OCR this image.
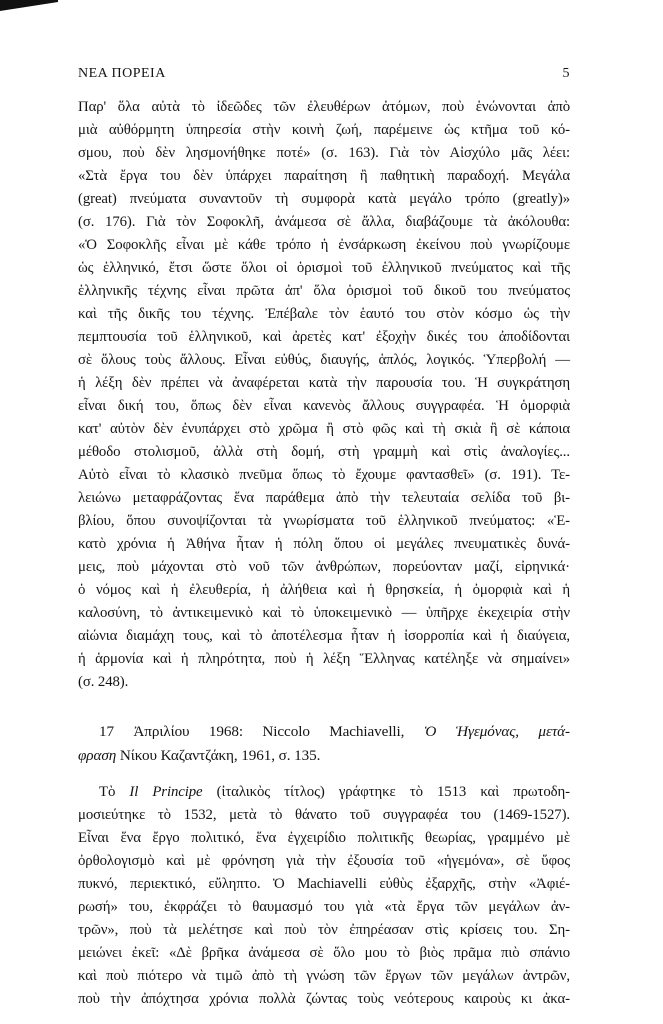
ΝΕΑ ΠΟΡΕΙΑ	5
Παρ' ὅλα αὐτὰ τὸ ἰδεῶδες τῶν ἐλευθέρων ἀτόμων, ποὺ ἑνώνονται ἀπὸ
μιὰ αὐθόρμητη ὑπηρεσία στὴν κοινὴ ζωή, παρέμεινε ὡς κτῆμα τοῦ κό-
σμου, ποὺ δὲν λησμονήθηκε ποτέ» (σ. 163). Γιὰ τὸν Αἰσχύλο μᾶς λέει:
«Στὰ ἔργα του δὲν ὑπάρχει παραίτηση ἢ παθητικὴ παραδοχή. Μεγάλα
(great) πνεύματα συναντοῦν τὴ συμφορὰ κατὰ μεγάλο τρόπο (greatly)»
(σ. 176). Γιὰ τὸν Σοφοκλῆ, ἀνάμεσα σὲ ἄλλα, διαβάζουμε τὰ ἀκόλουθα:
«Ὁ Σοφοκλῆς εἶναι μὲ κάθε τρόπο ἡ ἐνσάρκωση ἐκείνου ποὺ γνωρίζουμε
ὡς ἑλληνικό, ἔτσι ὥστε ὅλοι οἱ ὁρισμοὶ τοῦ ἑλληνικοῦ πνεύματος καὶ τῆς
ἑλληνικῆς τέχνης εἶναι πρῶτα ἀπ' ὅλα ὁρισμοὶ τοῦ δικοῦ του πνεύματος
καὶ τῆς δικῆς του τέχνης. Ἐπέβαλε τὸν ἑαυτό του στὸν κόσμο ὡς τὴν
πεμπτουσία τοῦ ἑλληνικοῦ, καὶ ἀρετὲς κατ' ἐξοχὴν δικές του ἀποδίδονται
σὲ ὅλους τοὺς ἄλλους. Εἶναι εὐθύς, διαυγής, ἁπλός, λογικός. Ὑπερβολή —
ἡ λέξη δὲν πρέπει νὰ ἀναφέρεται κατὰ τὴν παρουσία του. Ἡ συγκράτηση
εἶναι δική του, ὅπως δὲν εἶναι κανενὸς ἄλλους συγγραφέα. Ἡ ὁμορφιὰ
κατ' αὐτὸν δὲν ἐνυπάρχει στὸ χρῶμα ἢ στὸ φῶς καὶ τὴ σκιὰ ἢ σὲ κάποια
μέθοδο στολισμοῦ, ἀλλὰ στὴ δομή, στὴ γραμμὴ καὶ στὶς ἀναλογίες...
Αὐτὸ εἶναι τὸ κλασικὸ πνεῦμα ὅπως τὸ ἔχουμε φαντασθεῖ» (σ. 191). Τε-
λειώνω μεταφράζοντας ἕνα παράθεμα ἀπὸ τὴν τελευταία σελίδα τοῦ βι-
βλίου, ὅπου συνοψίζονται τὰ γνωρίσματα τοῦ ἑλληνικοῦ πνεύματος: «Ἑ-
κατὸ χρόνια ἡ Ἀθήνα ἦταν ἡ πόλη ὅπου οἱ μεγάλες πνευματικὲς δυνά-
μεις, ποὺ μάχονται στὸ νοῦ τῶν ἀνθρώπων, πορεύονταν μαζί, εἰρηνικά·
ὁ νόμος καὶ ἡ ἐλευθερία, ἡ ἀλήθεια καὶ ἡ θρησκεία, ἡ ὀμορφιὰ καὶ ἡ
καλοσύνη, τὸ ἀντικειμενικὸ καὶ τὸ ὑποκειμενικὸ — ὑπῆρχε ἐκεχειρία στὴν
αἰώνια διαμάχη τους, καὶ τὸ ἀποτέλεσμα ἦταν ἡ ἰσορροπία καὶ ἡ διαύγεια,
ἡ ἁρμονία καὶ ἡ πληρότητα, ποὺ ἡ λέξη Ἕλληνας κατέληξε νὰ σημαίνει»
(σ. 248).
17 Ἀπριλίου 1968: Niccolo Machiavelli, Ὁ Ἡγεμόνας, μετά-
φραση Νίκου Καζαντζάκη, 1961, σ. 135.
Τὸ Il Principe (ἰταλικὸς τίτλος) γράφτηκε τὸ 1513 καὶ πρωτοδη-
μοσιεύτηκε τὸ 1532, μετὰ τὸ θάνατο τοῦ συγγραφέα του (1469-1527).
Εἶναι ἕνα ἔργο πολιτικό, ἕνα ἐγχειρίδιο πολιτικῆς θεωρίας, γραμμένο μὲ
ὀρθολογισμὸ καὶ μὲ φρόνηση γιὰ τὴν ἐξουσία τοῦ «ἡγεμόνα», σὲ ὕφος
πυκνό, περιεκτικό, εὔληπτο. Ὁ Machiavelli εὐθὺς ἐξαρχῆς, στὴν «Ἀφιέ-
ρωσή» του, ἐκφράζει τὸ θαυμασμό του γιὰ «τὰ ἔργα τῶν μεγάλων ἀν-
τρῶν», ποὺ τὰ μελέτησε καὶ ποὺ τὸν ἐπηρέασαν στὶς κρίσεις του. Ση-
μειώνει ἐκεῖ: «Δὲ βρῆκα ἀνάμεσα σὲ ὅλο μου τὸ βιὸς πρᾶμα πιὸ σπάνιο
καὶ ποὺ πιότερο νὰ τιμῶ ἀπὸ τὴ γνώση τῶν ἔργων τῶν μεγάλων ἀντρῶν,
ποὺ τὴν ἀπόχτησα χρόνια πολλὰ ζώντας τοὺς νεότερους καιροὺς κι ἀκα-
